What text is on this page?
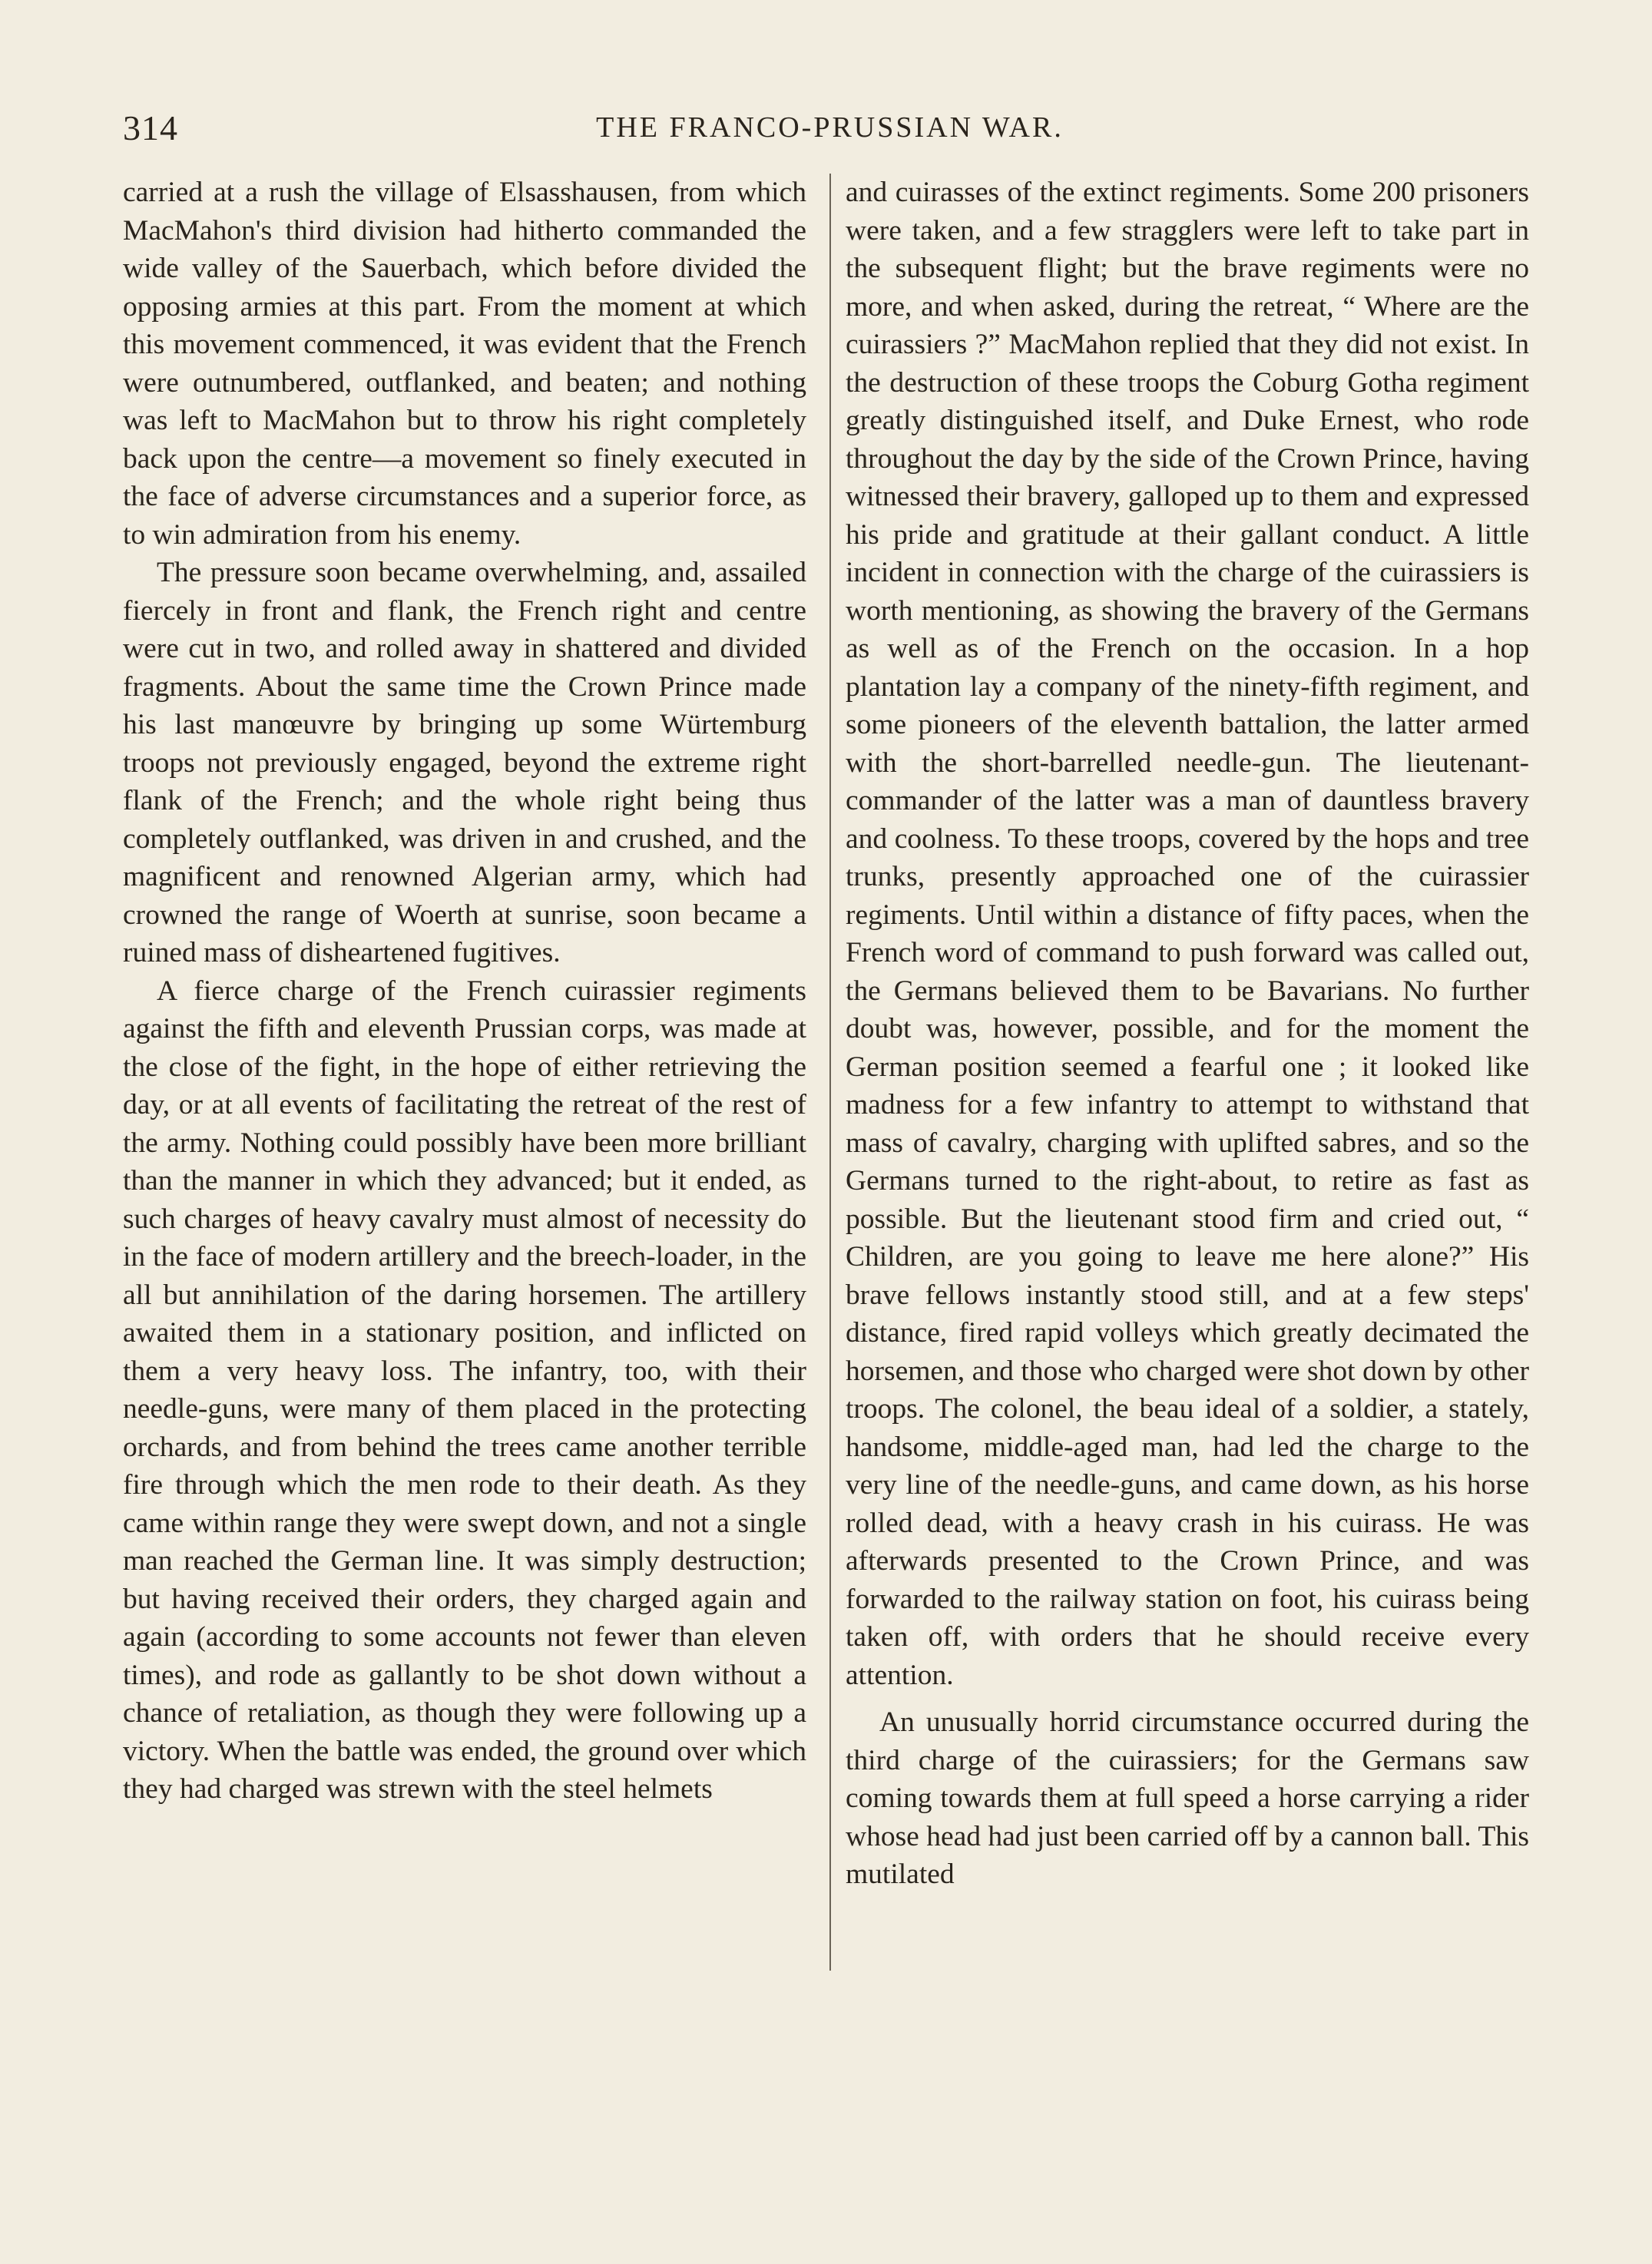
314	THE FRANCO-PRUSSIAN WAR.

carried at a rush the village of Elsasshausen, from which MacMahon's third division had hitherto commanded the wide valley of the Sauerbach, which before divided the opposing armies at this part. From the moment at which this movement commenced, it was evident that the French were outnumbered, outflanked, and beaten; and nothing was left to MacMahon but to throw his right completely back upon the centre—a movement so finely executed in the face of adverse circumstances and a superior force, as to win admiration from his enemy.

The pressure soon became overwhelming, and, assailed fiercely in front and flank, the French right and centre were cut in two, and rolled away in shattered and divided fragments. About the same time the Crown Prince made his last manœuvre by bringing up some Würtemburg troops not previously engaged, beyond the extreme right flank of the French; and the whole right being thus completely outflanked, was driven in and crushed, and the magnificent and renowned Algerian army, which had crowned the range of Woerth at sunrise, soon became a ruined mass of disheartened fugitives.

A fierce charge of the French cuirassier regiments against the fifth and eleventh Prussian corps, was made at the close of the fight, in the hope of either retrieving the day, or at all events of facilitating the retreat of the rest of the army. Nothing could possibly have been more brilliant than the manner in which they advanced; but it ended, as such charges of heavy cavalry must almost of necessity do in the face of modern artillery and the breech-loader, in the all but annihilation of the daring horsemen. The artillery awaited them in a stationary position, and inflicted on them a very heavy loss. The infantry, too, with their needle-guns, were many of them placed in the protecting orchards, and from behind the trees came another terrible fire through which the men rode to their death. As they came within range they were swept down, and not a single man reached the German line. It was simply destruction; but having received their orders, they charged again and again (according to some accounts not fewer than eleven times), and rode as gallantly to be shot down without a chance of retaliation, as though they were following up a victory. When the battle was ended, the ground over which they had charged was strewn with the steel helmets

and cuirasses of the extinct regiments. Some 200 prisoners were taken, and a few stragglers were left to take part in the subsequent flight; but the brave regiments were no more, and when asked, during the retreat, “ Where are the cuirassiers ?” MacMahon replied that they did not exist. In the destruction of these troops the Coburg Gotha regiment greatly distinguished itself, and Duke Ernest, who rode throughout the day by the side of the Crown Prince, having witnessed their bravery, galloped up to them and expressed his pride and gratitude at their gallant conduct. A little incident in connection with the charge of the cuirassiers is worth mentioning, as showing the bravery of the Germans as well as of the French on the occasion. In a hop plantation lay a company of the ninety-fifth regiment, and some pioneers of the eleventh battalion, the latter armed with the short-barrelled needle-gun. The lieutenant-commander of the latter was a man of dauntless bravery and coolness. To these troops, covered by the hops and tree trunks, presently approached one of the cuirassier regiments. Until within a distance of fifty paces, when the French word of command to push forward was called out, the Germans believed them to be Bavarians. No further doubt was, however, possible, and for the moment the German position seemed a fearful one ; it looked like madness for a few infantry to attempt to withstand that mass of cavalry, charging with uplifted sabres, and so the Germans turned to the right-about, to retire as fast as possible. But the lieutenant stood firm and cried out, “ Children, are you going to leave me here alone?” His brave fellows instantly stood still, and at a few steps' distance, fired rapid volleys which greatly decimated the horsemen, and those who charged were shot down by other troops. The colonel, the beau ideal of a soldier, a stately, handsome, middle-aged man, had led the charge to the very line of the needle-guns, and came down, as his horse rolled dead, with a heavy crash in his cuirass. He was afterwards presented to the Crown Prince, and was forwarded to the railway station on foot, his cuirass being taken off, with orders that he should receive every attention.

An unusually horrid circumstance occurred during the third charge of the cuirassiers; for the Germans saw coming towards them at full speed a horse carrying a rider whose head had just been carried off by a cannon ball. This mutilated
